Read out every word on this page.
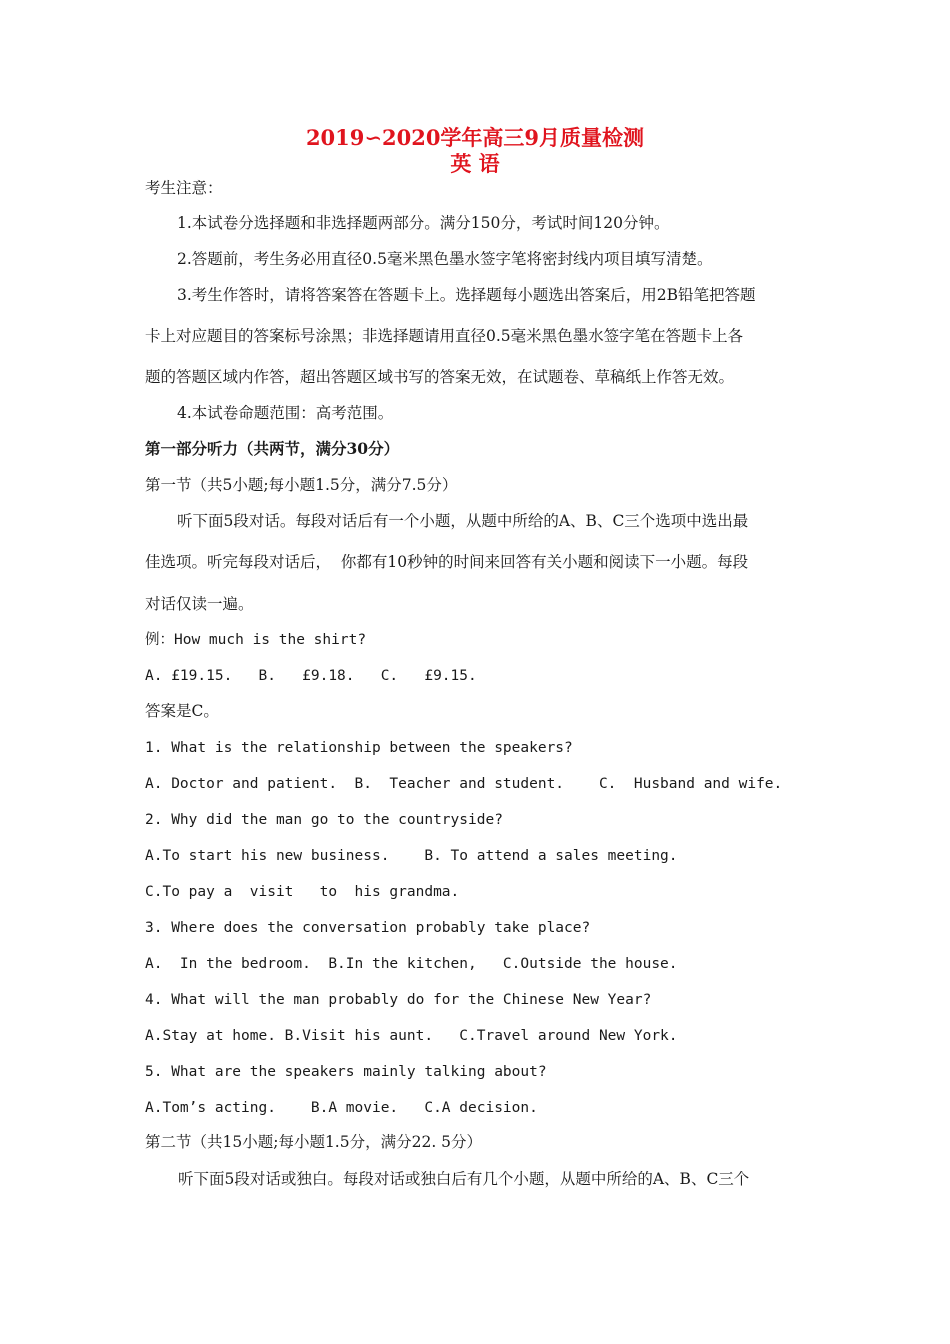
2019∽2020学年高三9月质量检测
英 语
考生注意：
1.本试卷分选择题和非选择题两部分。满分150分，考试时间120分钟。
2.答题前，考生务必用直径0.5毫米黑色墨水签字笔将密封线内项目填写清楚。
3.考生作答时，请将答案答在答题卡上。选择题每小题选出答案后，用2B铅笔把答题
卡上对应题目的答案标号涂黑；非选择题请用直径0.5毫米黑色墨水签字笔在答题卡上各
题的答题区域内作答，超出答题区域书写的答案无效，在试题卷、草稿纸上作答无效。
4.本试卷命题范围：高考范围。
第一部分听力（共两节，满分30分）
第一节（共5小题;每小题1.5分，满分7.5分）
听下面5段对话。每段对话后有一个小题，从题中所给的A、B、C三个选项中选出最
佳选项。听完每段对话后，  你都有10秒钟的时间来回答有关小题和阅读下一小题。每段
对话仅读一遍。
例：How much is the shirt?
A. £19.15.   B.   £9.18.   C.   £9.15.
答案是C。
1. What is the relationship between the speakers?
A. Doctor and patient.  B.  Teacher and student.    C.  Husband and wife.
2. Why did the man go to the countryside?
A.To start his new business.    B. To attend a sales meeting.
C.To pay a  visit   to  his grandma.
3. Where does the conversation probably take place?
A.  In the bedroom.  B.In the kitchen,   C.Outside the house.
4. What will the man probably do for the Chinese New Year?
A.Stay at home. B.Visit his aunt.   C.Travel around New York.
5. What are the speakers mainly talking about?
A.Tom’s acting.    B.A movie.   C.A decision.
第二节（共15小题;每小题1.5分，满分22. 5分）
听下面5段对话或独白。每段对话或独白后有几个小题，从题中所给的A、B、C三个
